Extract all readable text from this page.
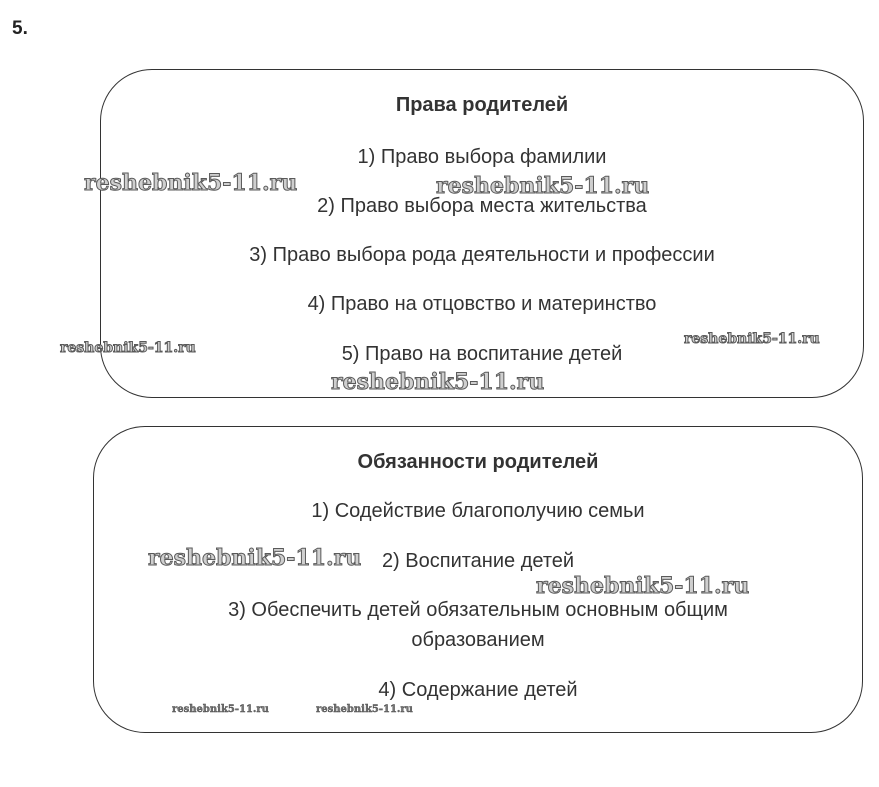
5.
Права родителей
1) Право выбора фамилии
2) Право выбора места жительства
3) Право выбора рода деятельности и профессии
4) Право на отцовство и материнство
5) Право на воспитание детей
Обязанности родителей
1) Содействие благополучию семьи
2) Воспитание детей
3) Обеспечить детей обязательным основным общим
образованием
4) Содержание детей
reshebnik5-11.ru	reshebnik5-11.ru
reshebnik5-11.ru
reshebnik5-11.ru
reshebnik5-11.ru
reshebnik5-11.ru
reshebnik5-11.ru
reshebnik5-11.ru	reshebnik5-11.ru
